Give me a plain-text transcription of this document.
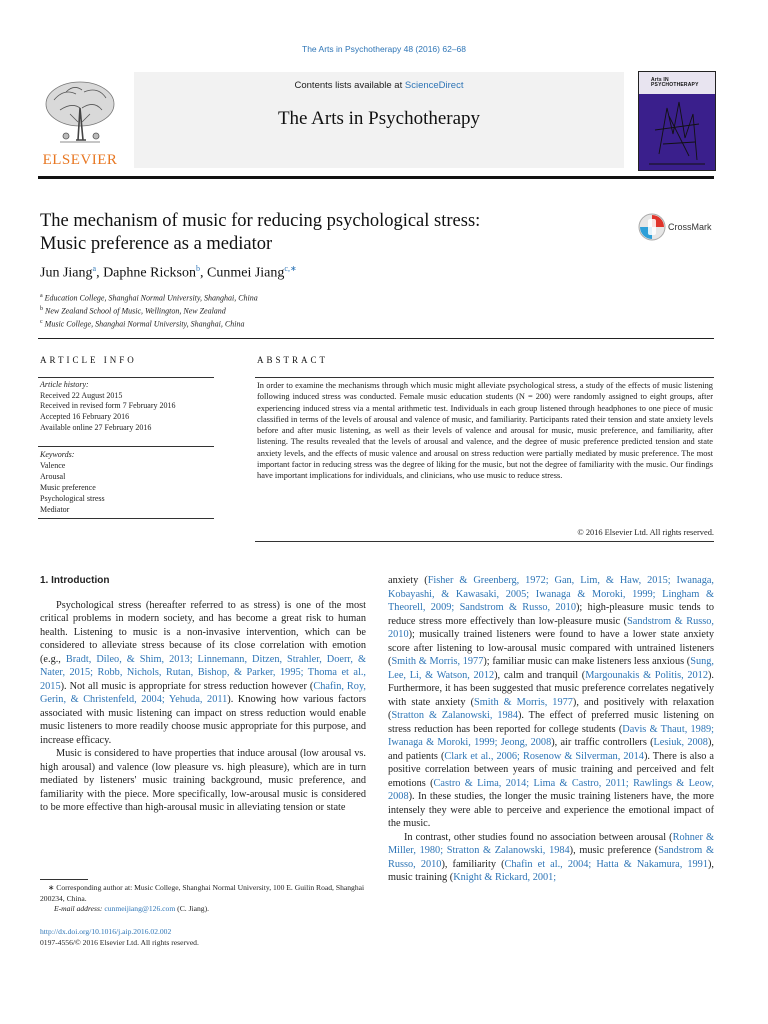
The Arts in Psychotherapy 48 (2016) 62–68
ELSEVIER
Contents lists available at ScienceDirect
The Arts in Psychotherapy
Arts IN PSYCHOTHERAPY
The mechanism of music for reducing psychological stress:
Music preference as a mediator
CrossMark
Jun Jiang$^a$, Daphne Rickson$^b$, Cunmei Jiang$^{c,∗}$
$^a$ Education College, Shanghai Normal University, Shanghai, China
$^b$ New Zealand School of Music, Wellington, New Zealand
$^c$ Music College, Shanghai Normal University, Shanghai, China
ARTICLE INFO	ABSTRACT
Article history:
Received 22 August 2015
Received in revised form 7 February 2016
Accepted 16 February 2016
Available online 27 February 2016
Keywords:
Valence
Arousal
Music preference
Psychological stress
Mediator
In order to examine the mechanisms through which music might alleviate psychological stress, a study of the effects of music listening following induced stress was conducted. Female music education students (N = 200) were randomly assigned to eight groups, after experiencing induced stress via a mental arithmetic test. Individuals in each group listened through headphones to one piece of music classified in terms of the levels of arousal and valence of music, and familiarity. Participants rated their tension and state anxiety levels before and after music listening, as well as their levels of valence and arousal for music, music preference, and familiarity, after listening. The results revealed that the levels of arousal and valence, and the degree of music preference predicted tension and state anxiety levels, and the effects of music valence and arousal on stress reduction were partially mediated by music preference. The most important factor in reducing stress was the degree of liking for the music, but not the degree of familiarity with the music. Our findings have important implications for individuals, and clinicians, who use music to reduce stress.
© 2016 Elsevier Ltd. All rights reserved.
1. Introduction

Psychological stress (hereafter referred to as stress) is one of the most critical problems in modern society, and has become a great risk to human health. Listening to music is a non-invasive intervention, which can be considered to alleviate stress because of its close correlation with emotion (e.g., Bradt, Dileo, & Shim, 2013; Linnemann, Ditzen, Strahler, Doerr, & Nater, 2015; Robb, Nichols, Rutan, Bishop, & Parker, 1995; Thoma et al., 2015). Not all music is appropriate for stress reduction however (Chafin, Roy, Gerin, & Christenfeld, 2004; Yehuda, 2011). Knowing how various factors associated with music listening can impact on stress reduction would enable music listeners to more readily choose music appropriate for this purpose, and increase efficacy.

Music is considered to have properties that induce arousal (low arousal vs. high arousal) and valence (low pleasure vs. high pleasure), which are in turn mediated by listeners' music training background, music preference, and familiarity with the piece. More specifically, low-arousal music is considered to be more effective than high-arousal music in alleviating tension or state

anxiety (Fisher & Greenberg, 1972; Gan, Lim, & Haw, 2015; Iwanaga, Kobayashi, & Kawasaki, 2005; Iwanaga & Moroki, 1999; Lingham & Theorell, 2009; Sandstrom & Russo, 2010); high-pleasure music tends to reduce stress more effectively than low-pleasure music (Sandstrom & Russo, 2010); musically trained listeners were found to have a lower state anxiety score after listening to low-arousal music compared with untrained listeners (Smith & Morris, 1977); familiar music can make listeners less anxious (Sung, Lee, Li, & Watson, 2012), calm and tranquil (Margounakis & Politis, 2012). Furthermore, it has been suggested that music preference correlates negatively with state anxiety (Smith & Morris, 1977), and positively with relaxation (Stratton & Zalanowski, 1984). The effect of preferred music listening on stress reduction has been reported for college students (Davis & Thaut, 1989; Iwanaga & Moroki, 1999; Jeong, 2008), air traffic controllers (Lesiuk, 2008), and patients (Clark et al., 2006; Rosenow & Silverman, 2014). There is also a positive correlation between years of music training and perceived and felt emotions (Castro & Lima, 2014; Lima & Castro, 2011; Rawlings & Leow, 2008). In these studies, the longer the music training listeners have, the more intensely they were able to perceive and experience the emotional impact of the music.

In contrast, other studies found no association between arousal (Rohner & Miller, 1980; Stratton & Zalanowski, 1984), music preference (Sandstrom & Russo, 2010), familiarity (Chafin et al., 2004; Hatta & Nakamura, 1991), music training (Knight & Rickard, 2001;

∗ Corresponding author at: Music College, Shanghai Normal University, 100 E. Guilin Road, Shanghai 200234, China.
E-mail address: cunmeijiang@126.com (C. Jiang).
http://dx.doi.org/10.1016/j.aip.2016.02.002
0197-4556/© 2016 Elsevier Ltd. All rights reserved.
